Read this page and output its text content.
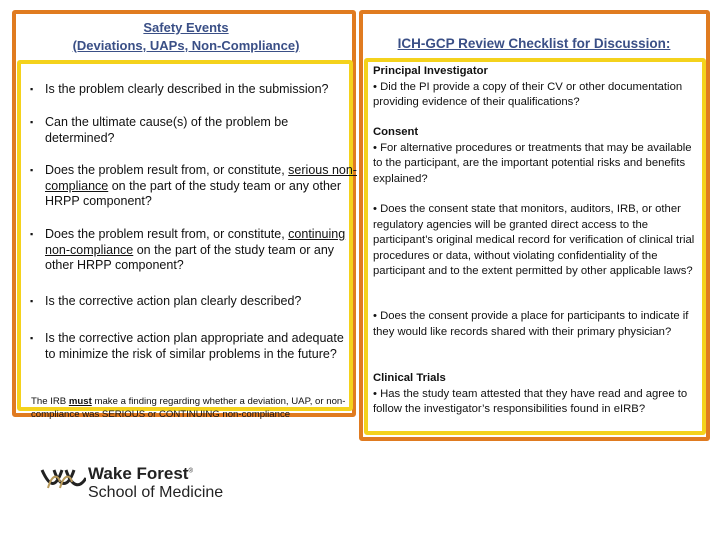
Safety Events
(Deviations, UAPs, Non-Compliance)
▪ Is the problem clearly described in the submission?
▪ Can the ultimate cause(s) of the problem be determined?
▪ Does the problem result from, or constitute, serious non-compliance on the part of the study team or any other HRPP component?
▪ Does the problem result from, or constitute, continuing non-compliance on the part of the study team or any other HRPP component?
▪ Is the corrective action plan clearly described?
▪ Is the corrective action plan appropriate and adequate to minimize the risk of similar problems in the future?
The IRB must make a finding regarding whether a deviation, UAP, or non-compliance was SERIOUS or CONTINUING non-compliance
ICH-GCP Review Checklist for Discussion:
Principal Investigator
• Did the PI provide a copy of their CV or other documentation providing evidence of their qualifications?
Consent
• For alternative procedures or treatments that may be available to the participant, are the important potential risks and benefits explained?
• Does the consent state that monitors, auditors, IRB, or other regulatory agencies will be granted direct access to the participant’s original medical record for verification of clinical trial procedures or data, without violating confidentiality of the participant and to the extent permitted by other applicable laws?
• Does the consent provide a place for participants to indicate if they would like records shared with their primary physician?
Clinical Trials
• Has the study team attested that they have read and agree to follow the investigator’s responsibilities found in eIRB?
Wake Forest®
School of Medicine
